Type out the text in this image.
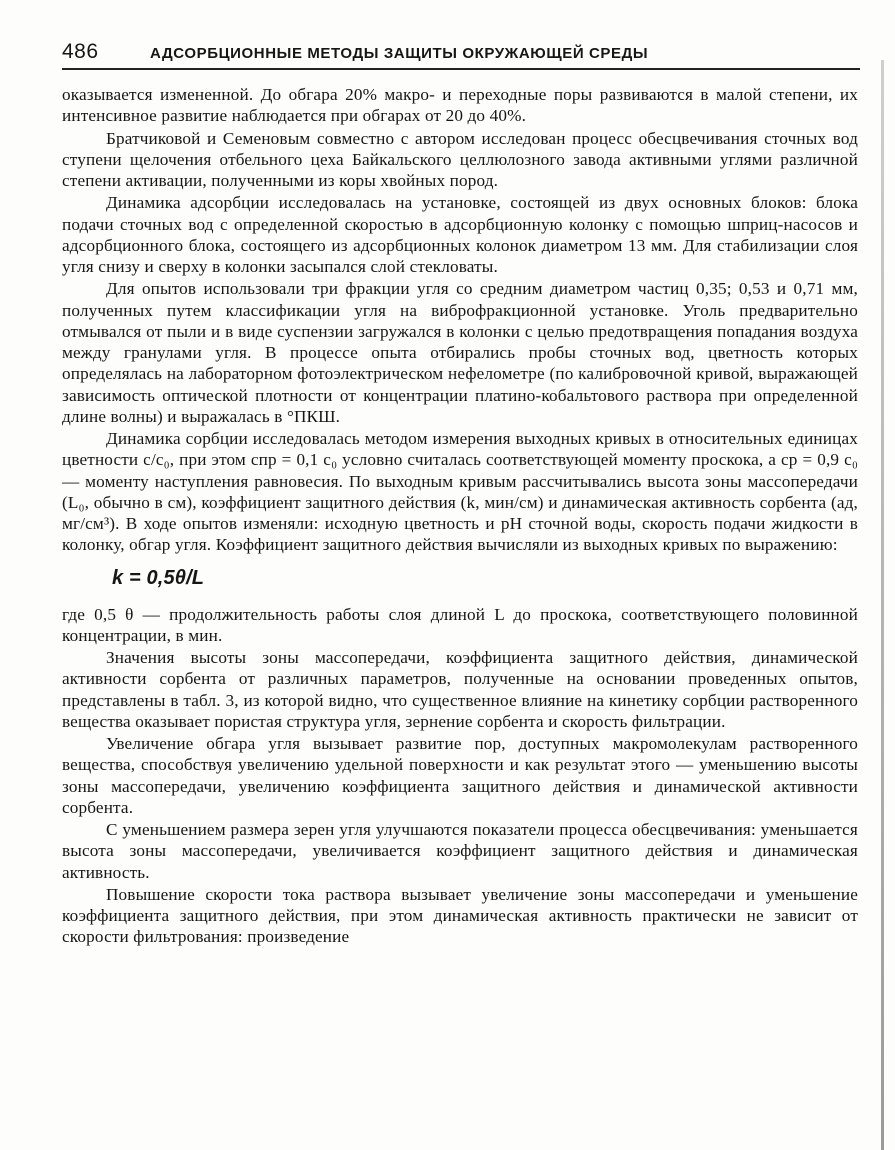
486	АДСОРБЦИОННЫЕ МЕТОДЫ ЗАЩИТЫ ОКРУЖАЮЩЕЙ СРЕДЫ

оказывается измененной. До обгара 20% макро- и переходные поры развиваются в малой степени, их интенсивное развитие наблюдается при обгарах от 20 до 40%.

Братчиковой и Семеновым совместно с автором исследован процесс обесцвечивания сточных вод ступени щелочения отбельного цеха Байкальского целлюлозного завода активными углями различной степени активации, полученными из коры хвойных пород.

Динамика адсорбции исследовалась на установке, состоящей из двух основных блоков: блока подачи сточных вод с определенной скоростью в адсорбционную колонку с помощью шприц-насосов и адсорбционного блока, состоящего из адсорбционных колонок диаметром 13 мм. Для стабилизации слоя угля снизу и сверху в колонки засыпался слой стекловаты.

Для опытов использовали три фракции угля со средним диаметром частиц 0,35; 0,53 и 0,71 мм, полученных путем классификации угля на виброфракционной установке. Уголь предварительно отмывался от пыли и в виде суспензии загружался в колонки с целью предотвращения попадания воздуха между гранулами угля. В процессе опыта отбирались пробы сточных вод, цветность которых определялась на лабораторном фотоэлектрическом нефелометре (по калибровочной кривой, выражающей зависимость оптической плотности от концентрации платино-кобальтового раствора при определенной длине волны) и выражалась в °ПКШ.

Динамика сорбции исследовалась методом измерения выходных кривых в относительных единицах цветности c/c₀, при этом cпр = 0,1 c₀ условно считалась соответствующей моменту проскока, а cр = 0,9 c₀ — моменту наступления равновесия. По выходным кривым рассчитывались высота зоны массопередачи (L₀, обычно в см), коэффициент защитного действия (k, мин/см) и динамическая активность сорбента (aд, мг/см³). В ходе опытов изменяли: исходную цветность и pH сточной воды, скорость подачи жидкости в колонку, обгар угля. Коэффициент защитного действия вычисляли из выходных кривых по выражению:

k = 0,5θ/L

где 0,5 θ — продолжительность работы слоя длиной L до проскока, соответствующего половинной концентрации, в мин.

Значения высоты зоны массопередачи, коэффициента защитного действия, динамической активности сорбента от различных параметров, полученные на основании проведенных опытов, представлены в табл. 3, из которой видно, что существенное влияние на кинетику сорбции растворенного вещества оказывает пористая структура угля, зернение сорбента и скорость фильтрации.

Увеличение обгара угля вызывает развитие пор, доступных макромолекулам растворенного вещества, способствуя увеличению удельной поверхности и как результат этого — уменьшению высоты зоны массопередачи, увеличению коэффициента защитного действия и динамической активности сорбента.

С уменьшением размера зерен угля улучшаются показатели процесса обесцвечивания: уменьшается высота зоны массопередачи, увеличивается коэффициент защитного действия и динамическая активность.

Повышение скорости тока раствора вызывает увеличение зоны массопередачи и уменьшение коэффициента защитного действия, при этом динамическая активность практически не зависит от скорости фильтрования: произведение
